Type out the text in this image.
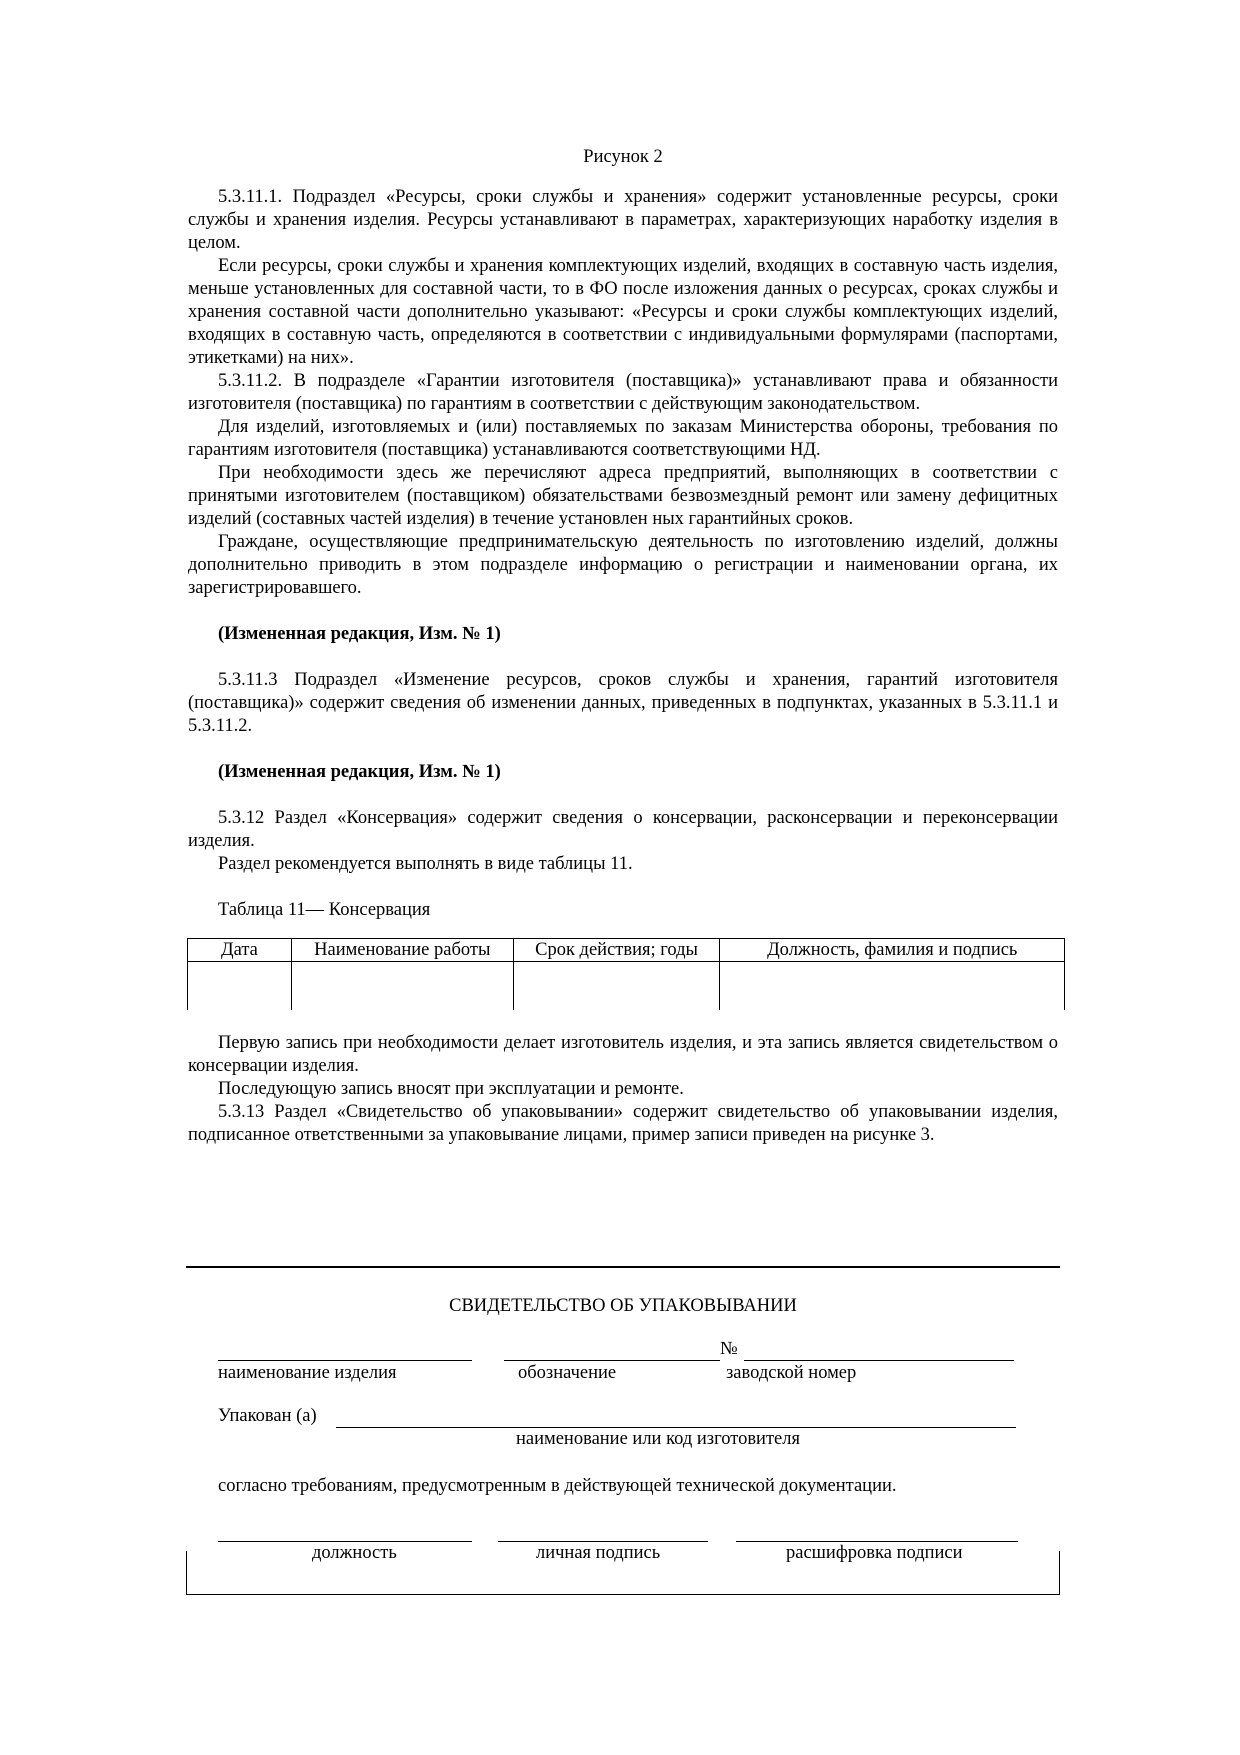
Рисунок 2

5.3.11.1. Подраздел «Ресурсы, сроки службы и хранения» содержит установленные ресурсы, сроки службы и хранения изделия. Ресурсы устанавливают в параметрах, характеризующих наработку изделия в целом.

Если ресурсы, сроки службы и хранения комплектующих изделий, входящих в составную часть изделия, меньше установленных для составной части, то в ФО после изложения данных о ресурсах, сроках службы и хранения составной части дополнительно указывают: «Ресурсы и сроки службы комплектующих изделий, входящих в составную часть, определяются в соответствии с индивидуальными формулярами (паспортами, этикетками) на них».

5.3.11.2. В подразделе «Гарантии изготовителя (поставщика)» устанавливают права и обязанности изготовителя (поставщика) по гарантиям в соответствии с действующим законодательством.

Для изделий, изготовляемых и (или) поставляемых по заказам Министерства обороны, требования по гарантиям изготовителя (поставщика) устанавливаются соответствующими НД.

При необходимости здесь же перечисляют адреса предприятий, выполняющих в соответствии с принятыми изготовителем (поставщиком) обязательствами безвозмездный ремонт или замену дефицитных изделий (составных частей изделия) в течение установлен ных гарантийных сроков.

Граждане, осуществляющие предпринимательскую деятельность по изготовлению изделий, должны дополнительно приводить в этом подразделе информацию о регистрации и наименовании органа, их зарегистрировавшего.

(Измененная редакция, Изм. № 1)

5.3.11.3 Подраздел «Изменение ресурсов, сроков службы и хранения, гарантий изготовителя (поставщика)» содержит сведения об изменении данных, приведенных в подпунктах, указанных в 5.3.11.1 и 5.3.11.2.

(Измененная редакция, Изм. № 1)

5.3.12 Раздел «Консервация» содержит сведения о консервации, расконсервации и переконсервации изделия.

Раздел рекомендуется выполнять в виде таблицы 11.

Таблица 11— Консервация
Дата	Наименование работы	Срок действия; годы	Должность, фамилия и подпись

Первую запись при необходимости делает изготовитель изделия, и эта запись является свидетельством о консервации изделия.

Последующую запись вносят при эксплуатации и ремонте.

5.3.13 Раздел «Свидетельство об упаковывании» содержит свидетельство об упаковывании изделия, подписанное ответственными за упаковывание лицами, пример записи приведен на рисунке 3.

СВИДЕТЕЛЬСТВО ОБ УПАКОВЫВАНИИ
№
наименование изделия	обозначение	заводской номер
Упакован (а)
наименование или код изготовителя
согласно требованиям, предусмотренным в действующей технической документации.
должность	личная подпись	расшифровка подписи
